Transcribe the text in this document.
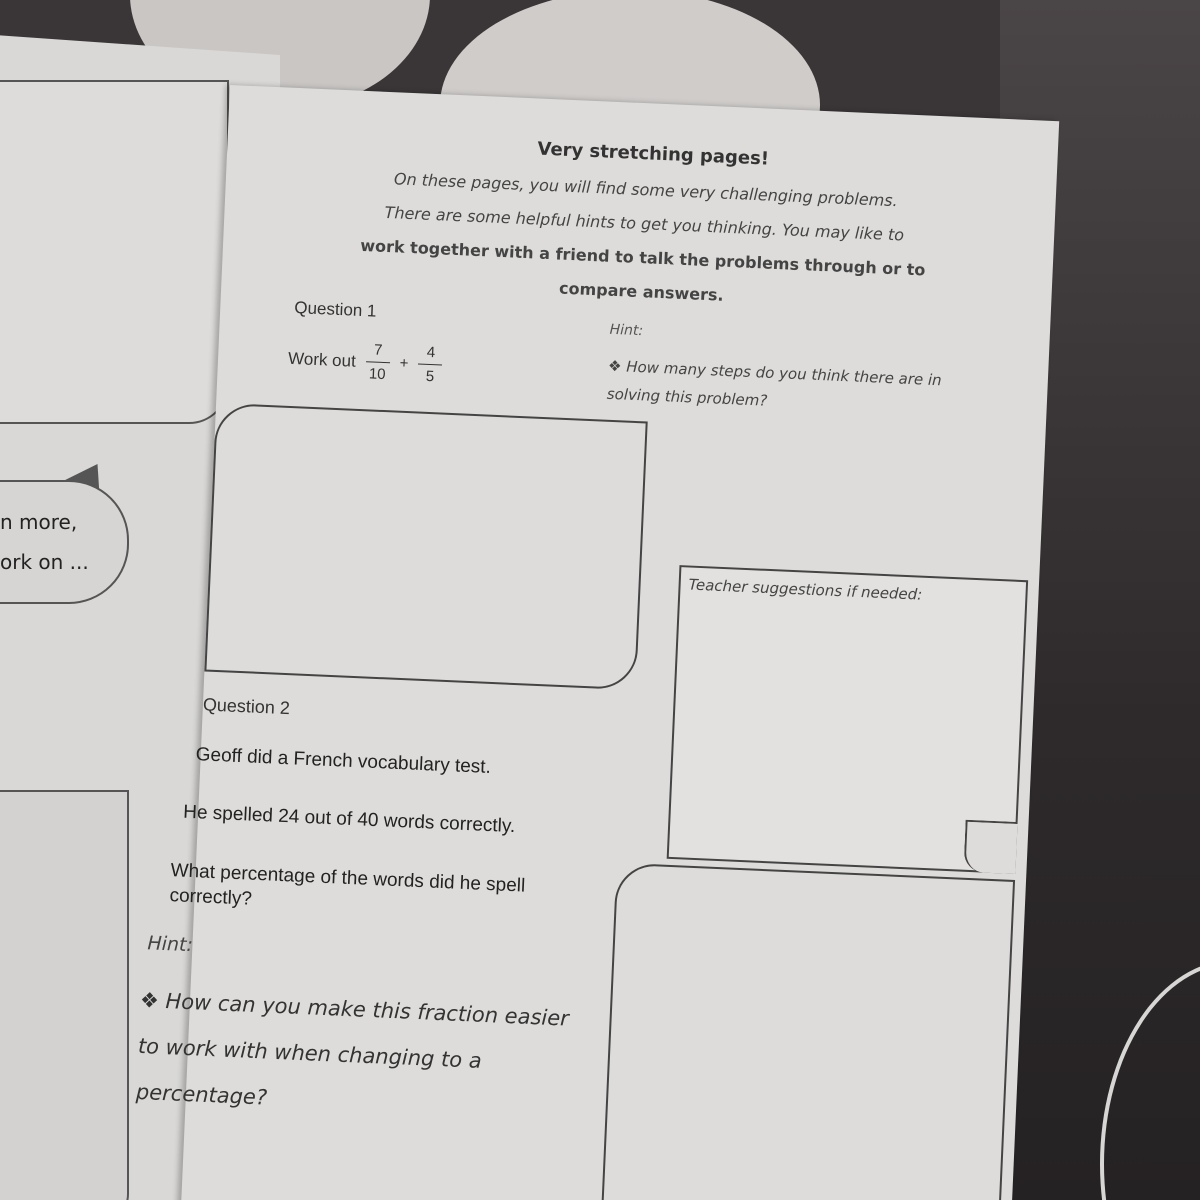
n more,
ork on ...
Very stretching pages!
On these pages, you will find some very challenging problems.
There are some helpful hints to get you thinking. You may like to

work together with a friend to talk the problems through or to
compare answers.
Question 1
Work out $\frac{7}{10} + \frac{4}{5}$
Hint:
❖ How many steps do you think there are in solving this problem?
Teacher suggestions if needed:
Question 2
Geoff did a French vocabulary test.
He spelled 24 out of 40 words correctly.
What percentage of the words did he spell correctly?
Hint:
❖ How can you make this fraction easier to work with when changing to a percentage?
